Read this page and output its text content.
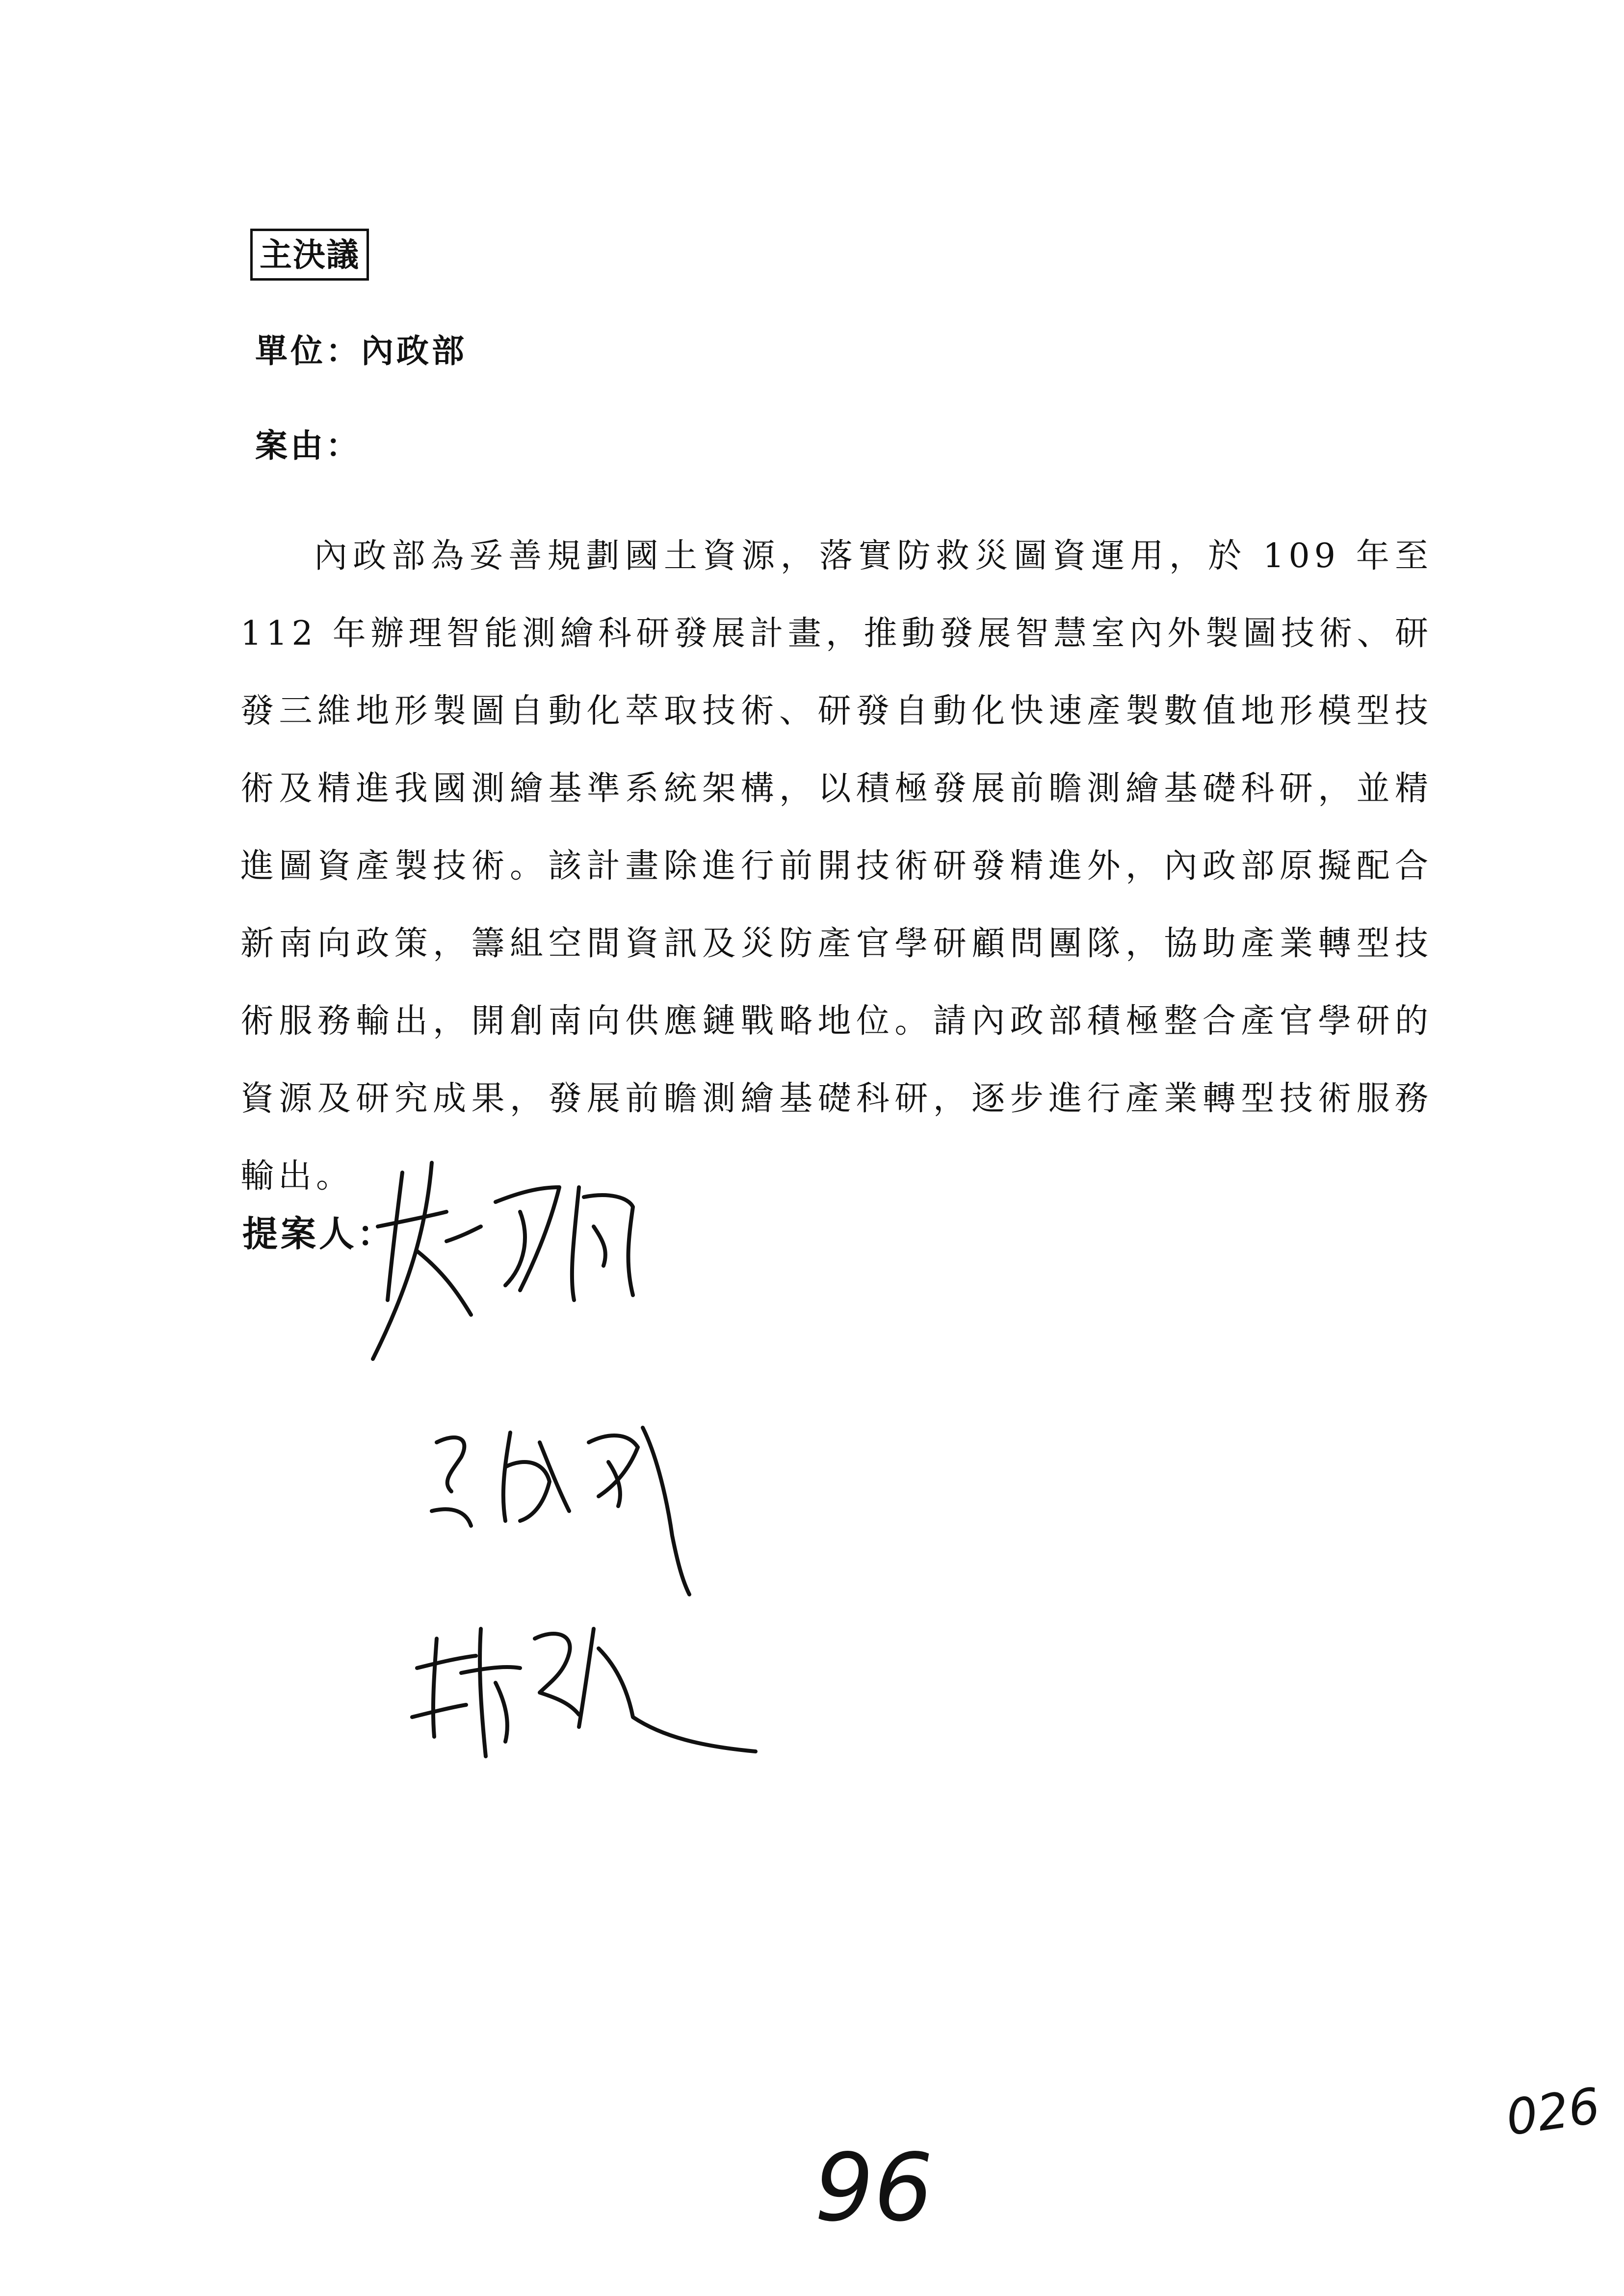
主決議
單位：內政部
案由：
內政部為妥善規劃國土資源，落實防救災圖資運用，於 109 年至 112 年辦理智能測繪科研發展計畫，推動發展智慧室內外製圖技術、研發三維地形製圖自動化萃取技術、研發自動化快速產製數值地形模型技術及精進我國測繪基準系統架構，以積極發展前瞻測繪基礎科研，並精進圖資產製技術。該計畫除進行前開技術研發精進外，內政部原擬配合新南向政策，籌組空間資訊及災防產官學研顧問團隊，協助產業轉型技術服務輸出，開創南向供應鏈戰略地位。請內政部積極整合產官學研的資源及研究成果，發展前瞻測繪基礎科研，逐步進行產業轉型技術服務輸出。
提案人：
96
026
